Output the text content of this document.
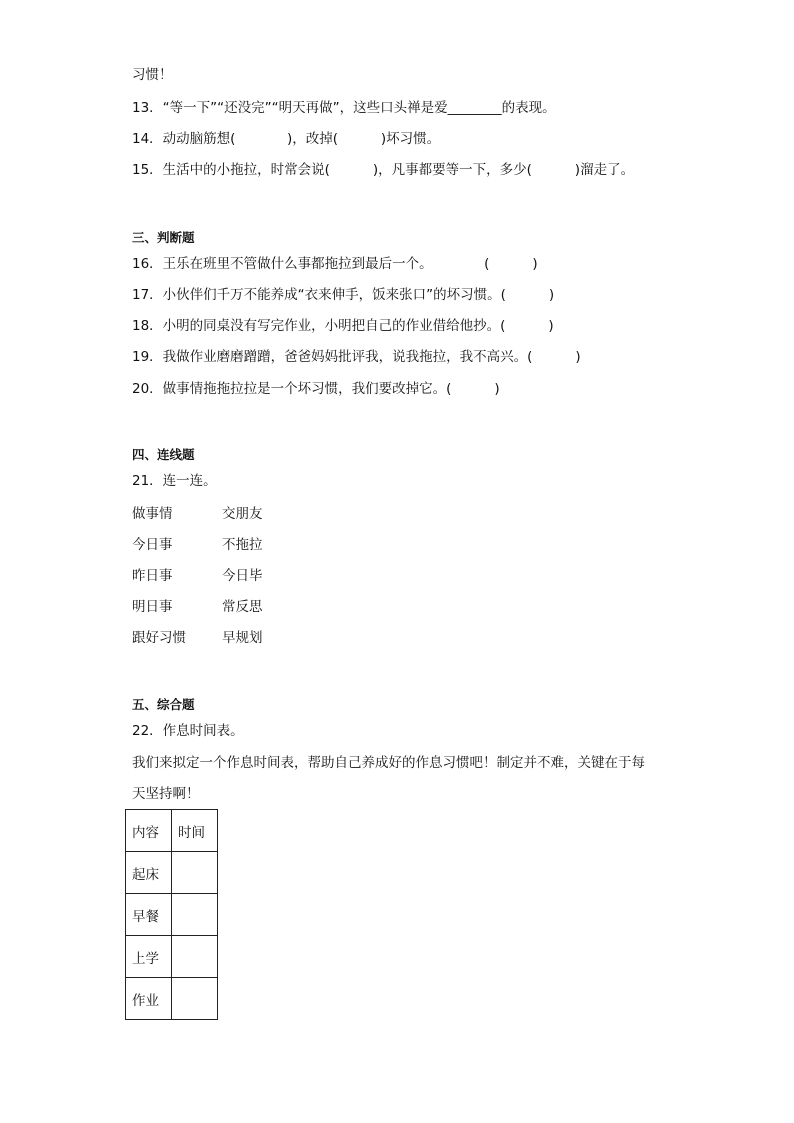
习惯！
13．“等一下”“还没完”“明天再做”，这些口头禅是爱________的表现。
14．动动脑筋想(            )，改掉(          )坏习惯。
15．生活中的小拖拉，时常会说(          )，凡事都要等一下，多少(          )溜走了。
三、判断题
16．王乐在班里不管做什么事都拖拉到最后一个。            (          )
17．小伙伴们千万不能养成“衣来伸手，饭来张口”的坏习惯。(          )
18．小明的同桌没有写完作业，小明把自己的作业借给他抄。(          )
19．我做作业磨磨蹭蹭，爸爸妈妈批评我，说我拖拉，我不高兴。(          )
20．做事情拖拖拉拉是一个坏习惯，我们要改掉它。(          )
四、连线题
21．连一连。
做事情	交朋友
今日事	不拖拉
昨日事	今日毕
明日事	常反思
跟好习惯	早规划
五、综合题
22．作息时间表。
我们来拟定一个作息时间表，帮助自己养成好的作息习惯吧！制定并不难，关键在于每
天坚持啊！
内容	时间
起床	
早餐	
上学	
作业	
